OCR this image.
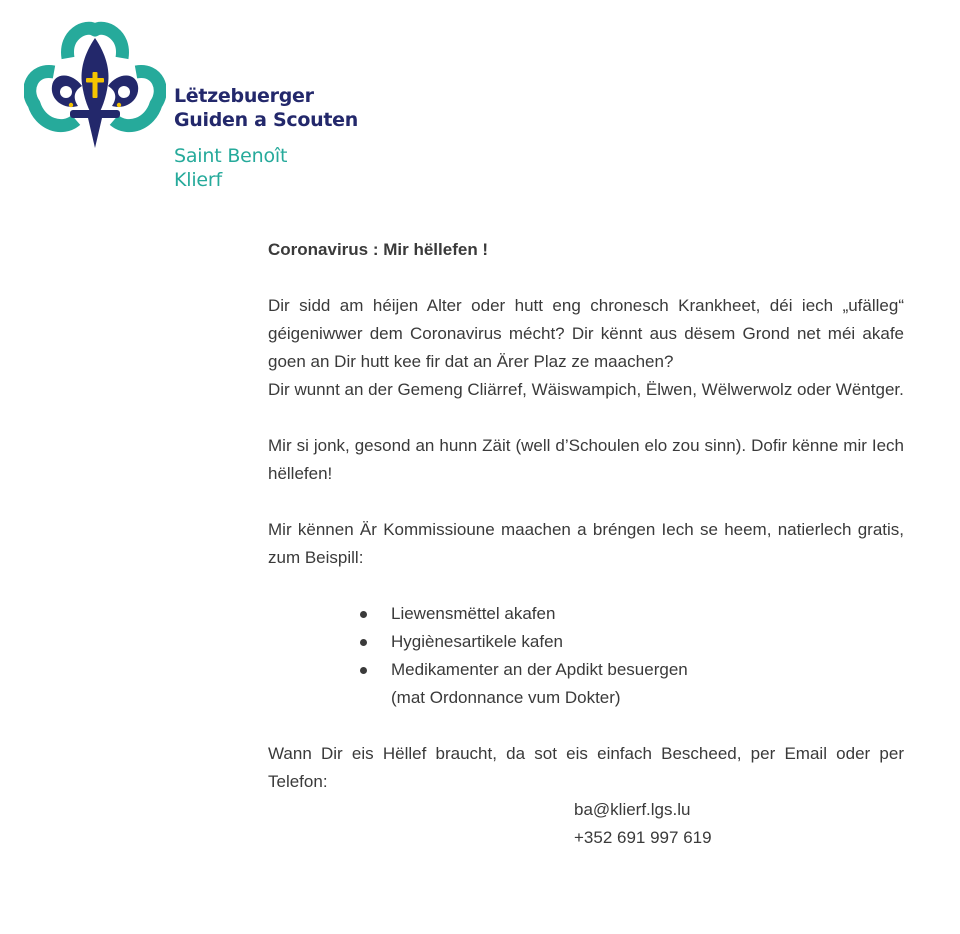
Lëtzebuerger
Guiden a Scouten
Saint Benoît
Klierf

Coronavirus : Mir hëllefen !

Dir sidd am héijen Alter oder hutt eng chronesch Krankheet, déi iech „ufälleg“ géigeniwwer dem Coronavirus mécht? Dir kënnt aus dësem Grond net méi akafe goen an Dir hutt kee fir dat an Ärer Plaz ze maachen?

Dir wunnt an der Gemeng Cliärref, Wäiswampich, Ëlwen, Wëlwerwolz oder Wëntger.

Mir si jonk, gesond an hunn Zäit (well d’Schoulen elo zou sinn). Dofir kënne mir Iech hëllefen!

Mir kënnen Är Kommissioune maachen a bréngen Iech se heem, natierlech gratis, zum Beispill:

Liewensmëttel akafen
Hygiènesartikele kafen
Medikamenter an der Apdikt besuergen
(mat Ordonnance vum Dokter)

Wann Dir eis Hëllef braucht, da sot eis einfach Bescheed, per Email oder per Telefon:

ba@klierf.lgs.lu
+352 691 997 619
